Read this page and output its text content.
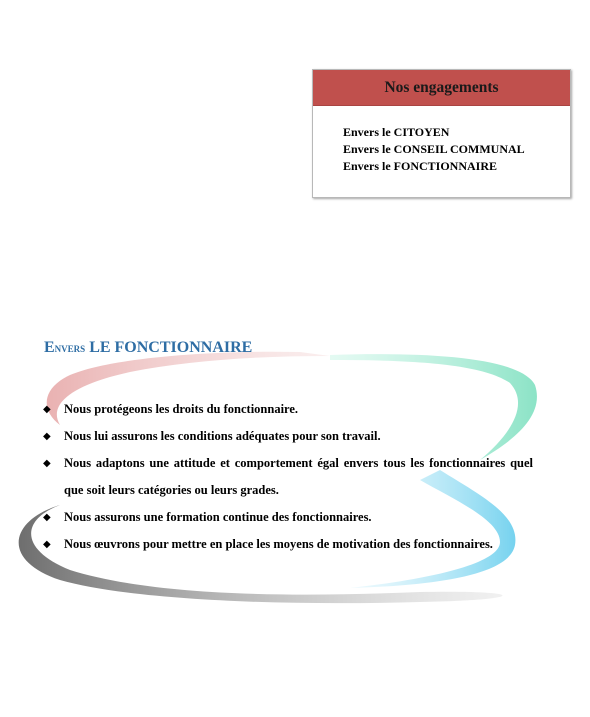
Nos engagements
Envers le CITOYEN
Envers le CONSEIL COMMUNAL
Envers le FONCTIONNAIRE
Envers LE FONCTIONNAIRE
◆ Nous protégeons les droits du fonctionnaire.
◆ Nous lui assurons les conditions adéquates pour son travail.
◆ Nous adaptons une attitude et comportement égal envers tous les fonctionnaires quel que soit leurs catégories ou leurs grades.
◆ Nous assurons une formation continue des fonctionnaires.
◆ Nous œuvrons pour mettre en place les moyens de motivation des fonctionnaires.
